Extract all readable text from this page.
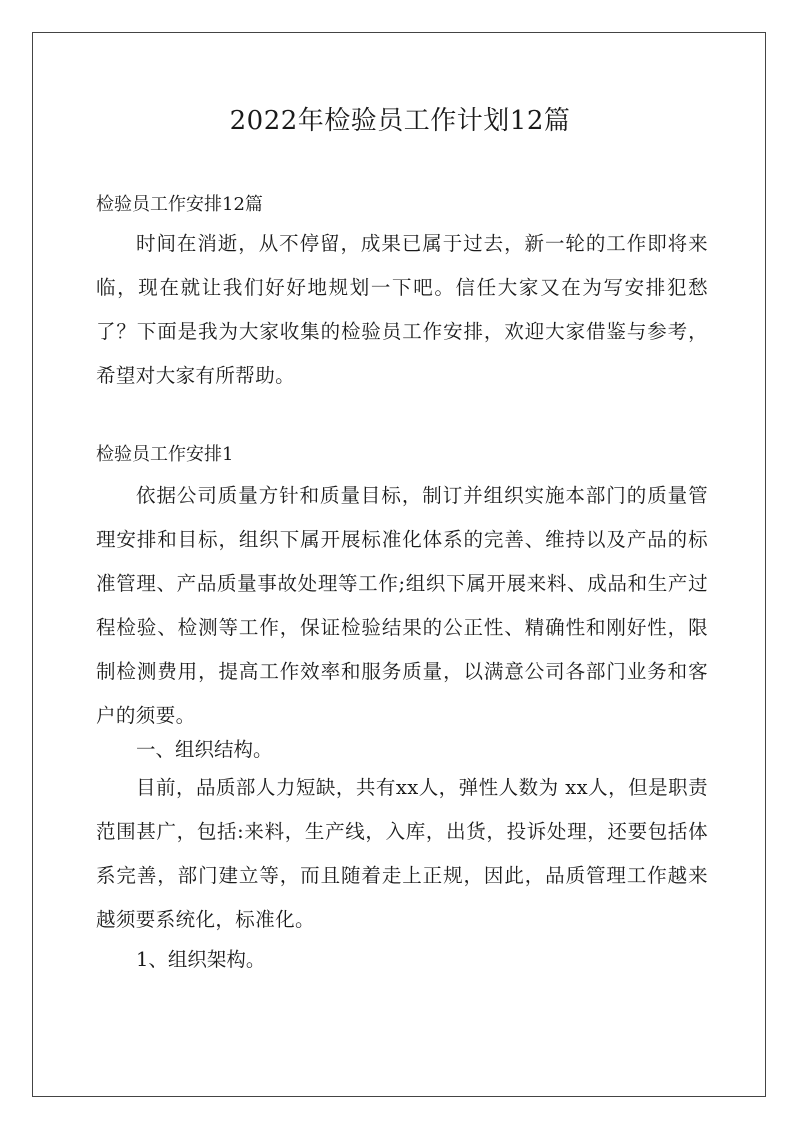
2022年检验员工作计划12篇
检验员工作安排12篇
时间在消逝，从不停留，成果已属于过去，新一轮的工作即将来临，现在就让我们好好地规划一下吧。信任大家又在为写安排犯愁了？下面是我为大家收集的检验员工作安排，欢迎大家借鉴与参考，希望对大家有所帮助。
检验员工作安排1
依据公司质量方针和质量目标，制订并组织实施本部门的质量管理安排和目标，组织下属开展标准化体系的完善、维持以及产品的标准管理、产品质量事故处理等工作;组织下属开展来料、成品和生产过程检验、检测等工作，保证检验结果的公正性、精确性和刚好性，限制检测费用，提高工作效率和服务质量，以满意公司各部门业务和客户的须要。
一、组织结构。
目前，品质部人力短缺，共有xx人，弹性人数为 xx人，但是职责范围甚广，包括:来料，生产线，入库，出货，投诉处理，还要包括体系完善，部门建立等，而且随着走上正规，因此，品质管理工作越来越须要系统化，标准化。
1、组织架构。
